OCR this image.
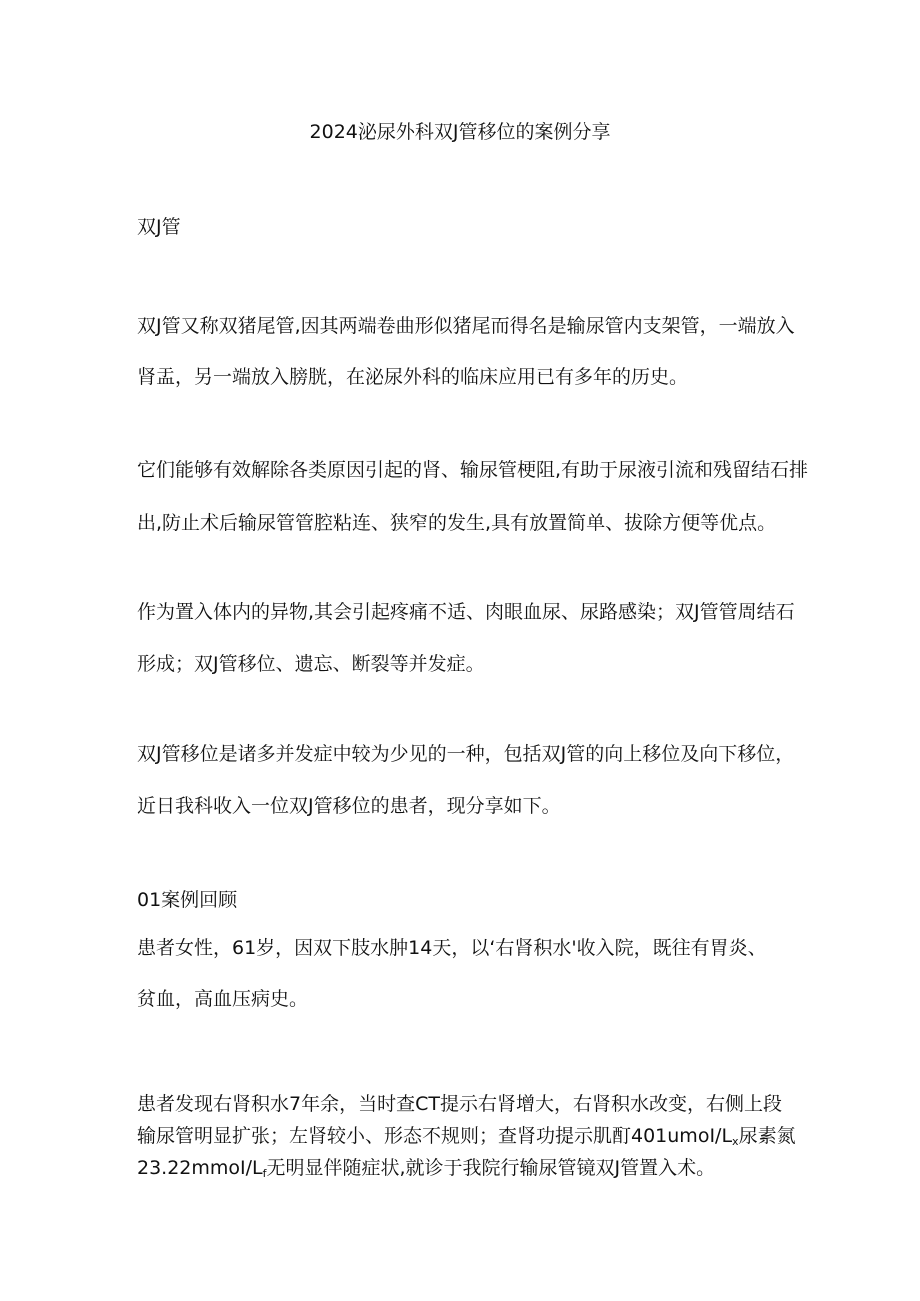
2024泌尿外科双J管移位的案例分享
双J管
双J管又称双猪尾管,因其两端卷曲形似猪尾而得名是输尿管内支架管，一端放入
肾盂，另一端放入膀胱，在泌尿外科的临床应用已有多年的历史。
它们能够有效解除各类原因引起的肾、输尿管梗阻,有助于尿液引流和残留结石排
出,防止术后输尿管管腔粘连、狭窄的发生,具有放置简单、拔除方便等优点。
作为置入体内的异物,其会引起疼痛不适、肉眼血尿、尿路感染；双J管管周结石
形成；双J管移位、遗忘、断裂等并发症。
双J管移位是诸多并发症中较为少见的一种，包括双J管的向上移位及向下移位，
近日我科收入一位双J管移位的患者，现分享如下。
01案例回顾
患者女性，61岁，因双下肢水肿14天，以‘右肾积水'收入院，既往有胃炎、
贫血，高血压病史。
患者发现右肾积水7年余，当时查CT提示右肾增大，右肾积水改变，右侧上段
输尿管明显扩张；左肾较小、形态不规则；查肾功提示肌酊$401umoI∕L_x$尿素氮
$23.22mmoI∕L_f$无明显伴随症状,就诊于我院行输尿管镜双J管置入术。
